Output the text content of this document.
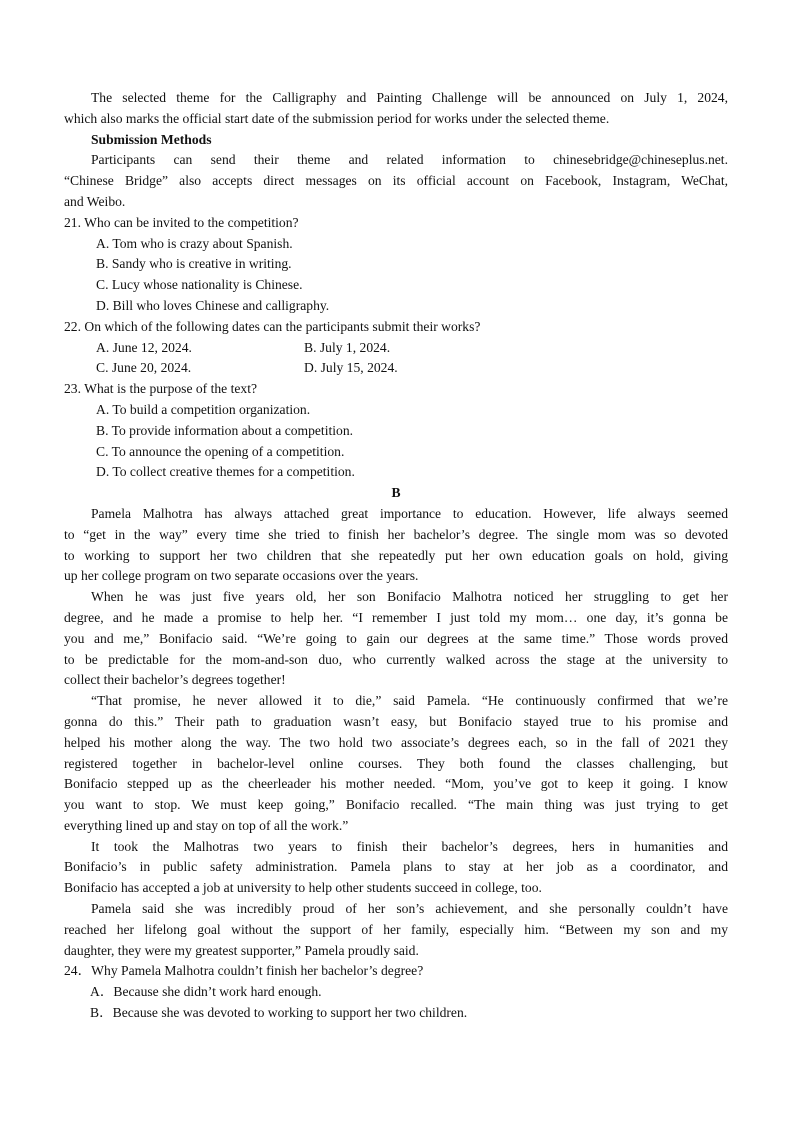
The selected theme for the Calligraphy and Painting Challenge will be announced on July 1, 2024,
which also marks the official start date of the submission period for works under the selected theme.
Submission Methods
Participants can send their theme and related information to chinesebridge@chineseplus.net.
“Chinese Bridge” also accepts direct messages on its official account on Facebook, Instagram, WeChat,
and Weibo.
21. Who can be invited to the competition?
A. Tom who is crazy about Spanish.
B. Sandy who is creative in writing.
C. Lucy whose nationality is Chinese.
D. Bill who loves Chinese and calligraphy.
22. On which of the following dates can the participants submit their works?
A. June 12, 2024.	B. July 1, 2024.
C. June 20, 2024.	D. July 15, 2024.
23. What is the purpose of the text?
A. To build a competition organization.
B. To provide information about a competition.
C. To announce the opening of a competition.
D. To collect creative themes for a competition.
B
Pamela Malhotra has always attached great importance to education. However, life always seemed
to “get in the way” every time she tried to finish her bachelor’s degree. The single mom was so devoted
to working to support her two children that she repeatedly put her own education goals on hold, giving
up her college program on two separate occasions over the years.
When he was just five years old, her son Bonifacio Malhotra noticed her struggling to get her
degree, and he made a promise to help her. “I remember I just told my mom… one day, it’s gonna be
you and me,” Bonifacio said. “We’re going to gain our degrees at the same time.” Those words proved
to be predictable for the mom-and-son duo, who currently walked across the stage at the university to
collect their bachelor’s degrees together!
“That promise, he never allowed it to die,” said Pamela. “He continuously confirmed that we’re
gonna do this.” Their path to graduation wasn’t easy, but Bonifacio stayed true to his promise and
helped his mother along the way. The two hold two associate’s degrees each, so in the fall of 2021 they
registered together in bachelor-level online courses. They both found the classes challenging, but
Bonifacio stepped up as the cheerleader his mother needed. “Mom, you’ve got to keep it going. I know
you want to stop. We must keep going,” Bonifacio recalled. “The main thing was just trying to get
everything lined up and stay on top of all the work.”
It took the Malhotras two years to finish their bachelor’s degrees, hers in humanities and
Bonifacio’s in public safety administration. Pamela plans to stay at her job as a coordinator, and
Bonifacio has accepted a job at university to help other students succeed in college, too.
Pamela said she was incredibly proud of her son’s achievement, and she personally couldn’t have
reached her lifelong goal without the support of her family, especially him. “Between my son and my
daughter, they were my greatest supporter,” Pamela proudly said.
24．Why Pamela Malhotra couldn’t finish her bachelor’s degree?
A．Because she didn’t work hard enough.
B．Because she was devoted to working to support her two children.
